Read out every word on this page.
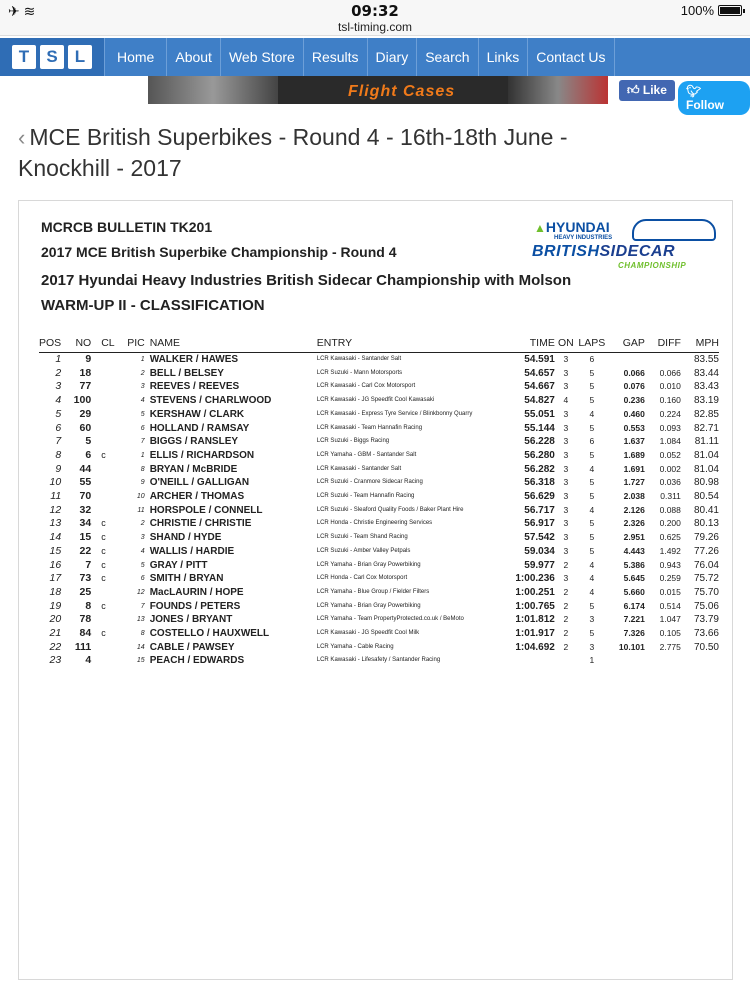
✈ ︎≋	09:32	100%
tsl-timing.com
T	S	L	Home	About	Web Store	Results	Diary	Search	Links	Contact Us
Flight Cases	👍︎ Like	🐦︎ Follow
‹ MCE British Superbikes - Round 4 - 16th-18th June -
Knockhill - 2017
MCRCB BULLETIN TK201
2017 MCE British Superbike Championship - Round 4
2017 Hyundai Heavy Industries British Sidecar Championship with Molson
WARM-UP II - CLASSIFICATION
▲HYUNDAI
HEAVY INDUSTRIES
BRITISHSIDECAR
CHAMPIONSHIP
POS	NO	CL	PIC	NAME	ENTRY	TIME	ON	LAPS	GAP	DIFF	MPH
1	9		1	WALKER / HAWES	LCR Kawasaki - Santander Salt	54.591	3	6			83.55
2	18		2	BELL / BELSEY	LCR Suzuki - Mann Motorsports	54.657	3	5	0.066	0.066	83.44
3	77		3	REEVES / REEVES	LCR Kawasaki - Carl Cox Motorsport	54.667	3	5	0.076	0.010	83.43
4	100		4	STEVENS / CHARLWOOD	LCR Kawasaki - JG Speedfit Cool Kawasaki	54.827	4	5	0.236	0.160	83.19
5	29		5	KERSHAW / CLARK	LCR Kawasaki - Express Tyre Service / Blinkbonny Quarry	55.051	3	4	0.460	0.224	82.85
6	60		6	HOLLAND / RAMSAY	LCR Kawasaki - Team Hannafin Racing	55.144	3	5	0.553	0.093	82.71
7	5		7	BIGGS / RANSLEY	LCR Suzuki - Biggs Racing	56.228	3	6	1.637	1.084	81.11
8	6	c	1	ELLIS / RICHARDSON	LCR Yamaha - GBM - Santander Salt	56.280	3	5	1.689	0.052	81.04
9	44		8	BRYAN / McBRIDE	LCR Kawasaki - Santander Salt	56.282	3	4	1.691	0.002	81.04
10	55		9	O'NEILL / GALLIGAN	LCR Suzuki - Cranmore Sidecar Racing	56.318	3	5	1.727	0.036	80.98
11	70		10	ARCHER / THOMAS	LCR Suzuki - Team Hannafin Racing	56.629	3	5	2.038	0.311	80.54
12	32		11	HORSPOLE / CONNELL	LCR Suzuki - Sleaford Quality Foods / Baker Plant Hire	56.717	3	4	2.126	0.088	80.41
13	34	c	2	CHRISTIE / CHRISTIE	LCR Honda - Christie Engineering Services	56.917	3	5	2.326	0.200	80.13
14	15	c	3	SHAND / HYDE	LCR Suzuki - Team Shand Racing	57.542	3	5	2.951	0.625	79.26
15	22	c	4	WALLIS / HARDIE	LCR Suzuki - Amber Valley Petpals	59.034	3	5	4.443	1.492	77.26
16	7	c	5	GRAY / PITT	LCR Yamaha - Brian Gray Powerbiking	59.977	2	4	5.386	0.943	76.04
17	73	c	6	SMITH / BRYAN	LCR Honda - Carl Cox Motorsport	1:00.236	3	4	5.645	0.259	75.72
18	25		12	MacLAURIN / HOPE	LCR Yamaha - Blue Group / Fielder Filters	1:00.251	2	4	5.660	0.015	75.70
19	8	c	7	FOUNDS / PETERS	LCR Yamaha - Brian Gray Powerbiking	1:00.765	2	5	6.174	0.514	75.06
20	78		13	JONES / BRYANT	LCR Yamaha - Team PropertyProtected.co.uk / BeMoto	1:01.812	2	3	7.221	1.047	73.79
21	84	c	8	COSTELLO / HAUXWELL	LCR Kawasaki - JG Speedfit Cool Milk	1:01.917	2	5	7.326	0.105	73.66
22	111		14	CABLE / PAWSEY	LCR Yamaha - Cable Racing	1:04.692	2	3	10.101	2.775	70.50
23	4		15	PEACH / EDWARDS	LCR Kawasaki - Lifesafety / Santander Racing			1			
